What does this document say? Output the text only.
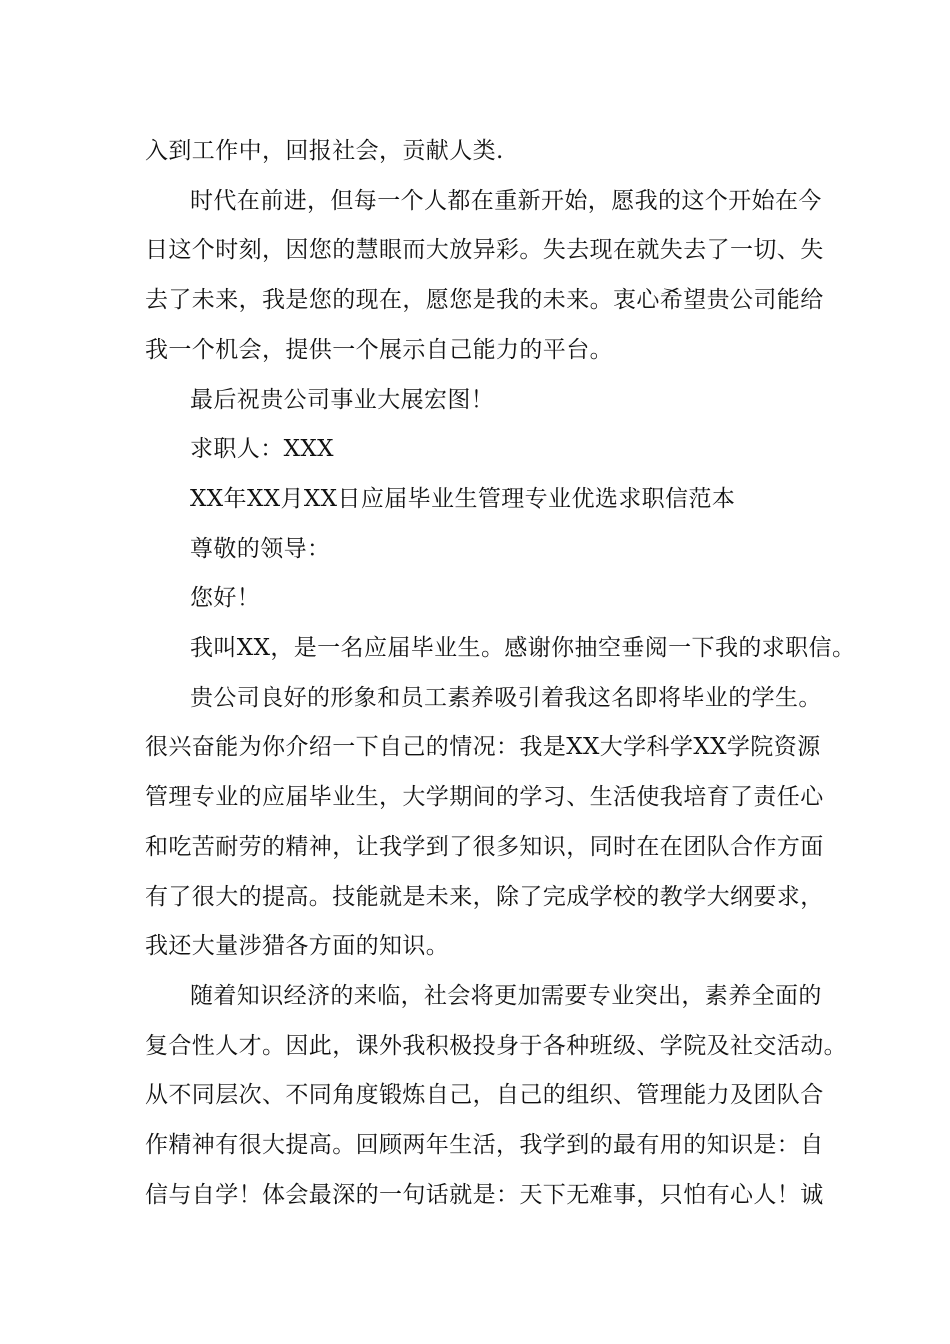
入到工作中，回报社会，贡献人类.

时代在前进，但每一个人都在重新开始，愿我的这个开始在今

日这个时刻，因您的慧眼而大放异彩。失去现在就失去了一切、失

去了未来，我是您的现在，愿您是我的未来。衷心希望贵公司能给

我一个机会，提供一个展示自己能力的平台。

最后祝贵公司事业大展宏图！

求职人：XXX

XX年XX月XX日应届毕业生管理专业优选求职信范本

尊敬的领导：

您好！

我叫XX，是一名应届毕业生。感谢你抽空垂阅一下我的求职信。

贵公司良好的形象和员工素养吸引着我这名即将毕业的学生。

很兴奋能为你介绍一下自己的情况：我是XX大学科学XX学院资源

管理专业的应届毕业生，大学期间的学习、生活使我培育了责任心

和吃苦耐劳的精神，让我学到了很多知识，同时在在团队合作方面

有了很大的提高。技能就是未来，除了完成学校的教学大纲要求，

我还大量涉猎各方面的知识。

随着知识经济的来临，社会将更加需要专业突出，素养全面的

复合性人才。因此，课外我积极投身于各种班级、学院及社交活动。

从不同层次、不同角度锻炼自己，自己的组织、管理能力及团队合

作精神有很大提高。回顾两年生活，我学到的最有用的知识是：自

信与自学！体会最深的一句话就是：天下无难事，只怕有心人！诚
